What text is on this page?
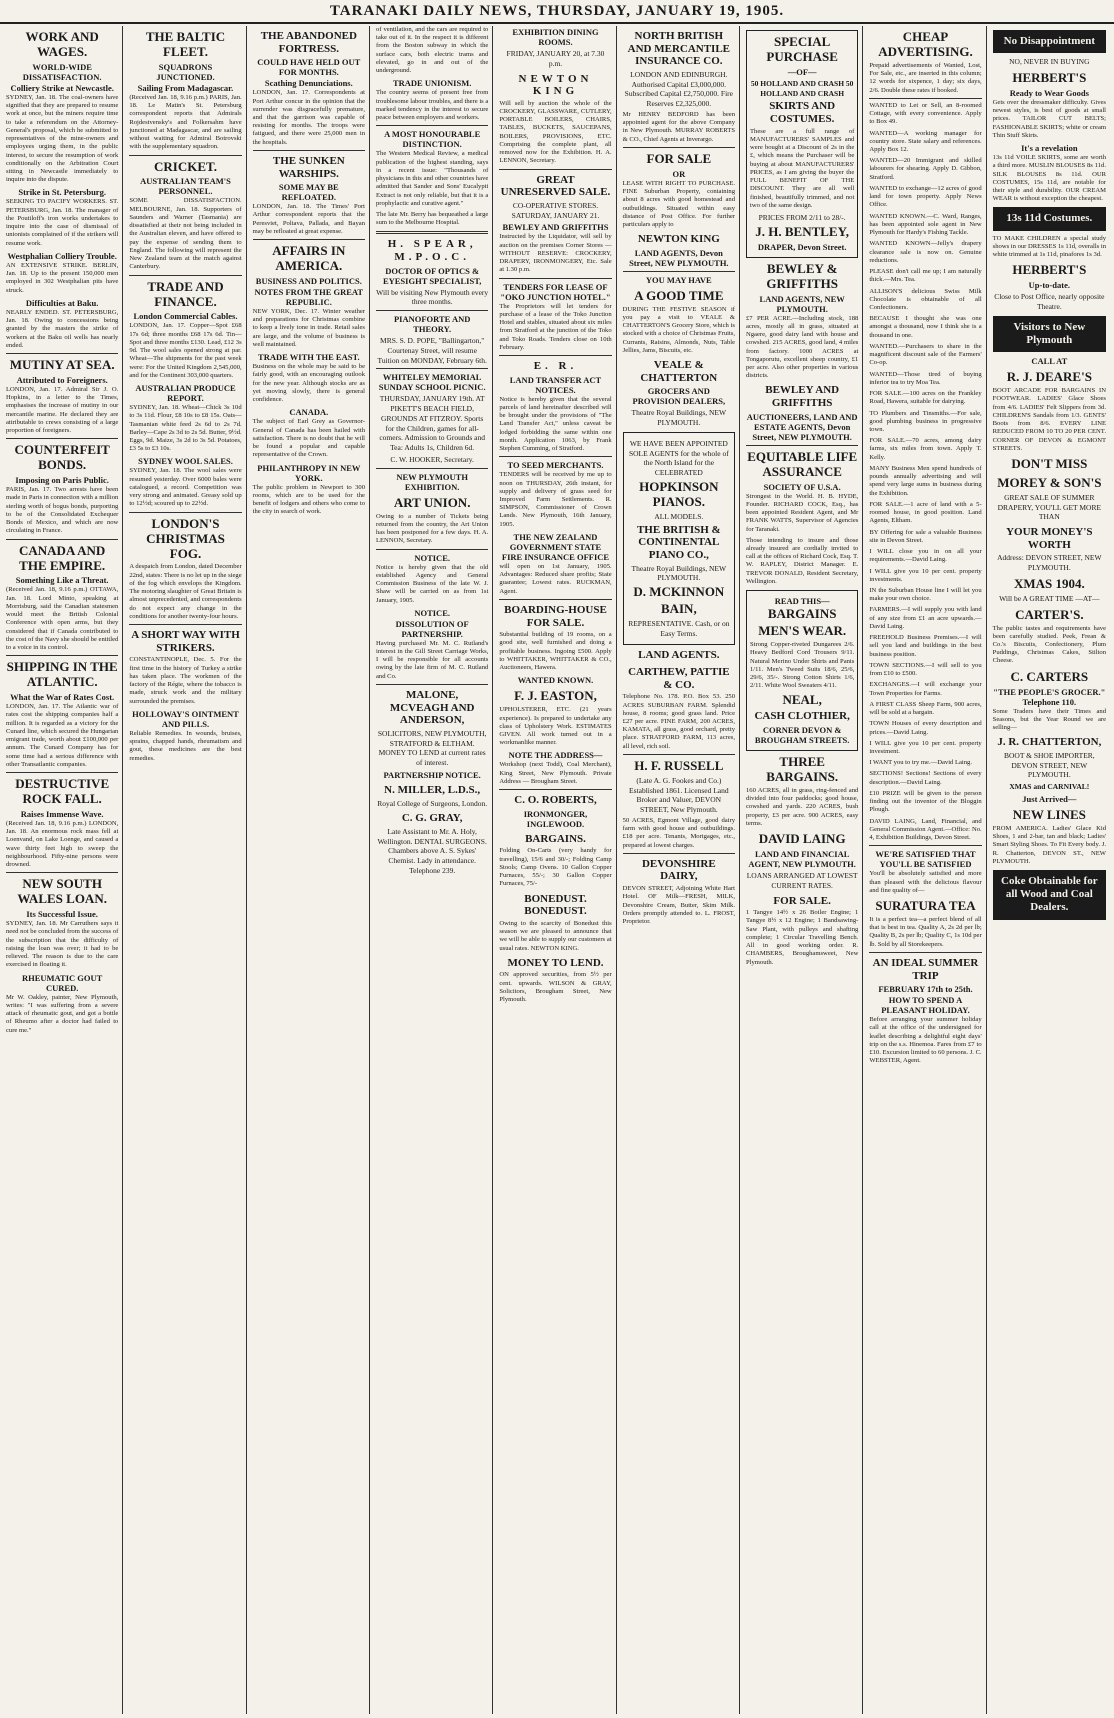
TARANAKI DAILY NEWS, THURSDAY, JANUARY 19, 1905.
WORK AND WAGES.
WORLD-WIDE DISSATISFACTION.
Colliery Strike at Newcastle.

SYDNEY, Jan. 18. The coal-owners have signified that they are prepared to resume work at once, but the miners require time to take a referendum on the Attorney-General's proposal, which he submitted to representatives of the mine-owners and employees urging them, in the public interest, to secure the resumption of work conditionally on the Arbitration Court sitting in Newcastle immediately to inquire into the dispute.

Strike in St. Petersburg.

SEEKING TO PACIFY WORKERS. ST. PETERSBURG, Jan. 18. The manager of the Poutiloff's iron works undertakes to inquire into the case of dismissal of unionists complained of if the strikers will resume work.

Westphalian Colliery Trouble.

AN EXTENSIVE STRIKE. BERLIN, Jan. 18. Up to the present 150,000 men employed in 302 Westphalian pits have struck.

Difficulties at Baku.

NEARLY ENDED. ST. PETERSBURG, Jan. 18. Owing to concessions being granted by the masters the strike of workers at the Baku oil wells has nearly ended.

MUTINY AT SEA.
Attributed to Foreigners.

LONDON, Jan. 17. Admiral Sir J. O. Hopkins, in a letter to the Times, emphasises the increase of mutiny in our mercantile marine. He declared they are attributable to crews consisting of a large proportion of foreigners.

COUNTERFEIT BONDS.
Imposing on Paris Public.

PARIS, Jan. 17. Two arrests have been made in Paris in connection with a million sterling worth of bogus bonds, purporting to be of the Consolidated Exchequer Bonds of Mexico, and which are now circulating in France.

CANADA AND THE EMPIRE.
Something Like a Threat.

(Received Jan. 18, 9.16 p.m.) OTTAWA, Jan. 18. Lord Minto, speaking at Morrisburg, said the Canadian statesmen would meet the British Colonial Conference with open arms, but they considered that if Canada contributed to the cost of the Navy she should be entitled to a voice in its control.

SHIPPING IN THE ATLANTIC.
What the War of Rates Cost.

LONDON, Jan. 17. The Atlantic war of rates cost the shipping companies half a million. It is regarded as a victory for the Cunard line, which secured the Hungarian emigrant trade, worth about £100,000 per annum. The Cunard Company has for some time had a serious difference with other Transatlantic companies.

DESTRUCTIVE ROCK FALL.
Raises Immense Wave.

(Received Jan. 18, 9.16 p.m.) LONDON, Jan. 18. An enormous rock mass fell at Loenvand, on Lake Loenge, and caused a wave thirty feet high to sweep the neighbourhood. Fifty-nine persons were drowned.

NEW SOUTH WALES LOAN.
Its Successful Issue.

SYDNEY, Jan. 18. Mr Carruthers says it need not be concluded from the success of the subscription that the difficulty of raising the loan was over; it had to be relieved. The reason is due to the care exercised in floating it.

RHEUMATIC GOUT CURED.

Mr W. Oakley, painter, New Plymouth, writes: "I was suffering from a severe attack of rheumatic gout, and got a bottle of Rheumo after a doctor had failed to cure me."

THE BALTIC FLEET.
SQUADRONS JUNCTIONED.
Sailing From Madagascar.

(Received Jan. 18, 9.16 p.m.) PARIS, Jan. 18. Le Matin's St. Petersburg correspondent reports that Admirals Rojdestvensky's and Folkersahm have junctioned at Madagascar, and are sailing without waiting for Admiral Botrovski with the supplementary squadron.

CRICKET.
AUSTRALIAN TEAM'S PERSONNEL.

SOME DISSATISFACTION. MELBOURNE, Jan. 18. Supporters of Saunders and Warner (Tasmania) are dissatisfied at their not being included in the Australian eleven, and have offered to pay the expense of sending them to England. The following will represent the New Zealand team at the match against Canterbury.

TRADE AND FINANCE.
London Commercial Cables.

LONDON, Jan. 17. Copper—Spot £68 17s 6d; three months £68 17s 6d. Tin—Spot and three months £130. Lead, £12 3s 9d. The wool sales opened strong at par. Wheat—The shipments for the past week were: For the United Kingdom 2,545,000, and for the Continent 303,000 quarters.

AUSTRALIAN PRODUCE REPORT.

SYDNEY, Jan. 18. Wheat—Chick 3s 10d to 3s 11d. Flour, £8 10s to £8 15s. Oats—Tasmanian white feed 2s 6d to 2s 7d. Barley—Cape 2s 3d to 2s 5d. Butter, 9½d. Eggs, 9d. Maize, 3s 2d to 3s 5d. Potatoes, £3 5s to £3 10s.

SYDNEY WOOL SALES.

SYDNEY, Jan. 18. The wool sales were resumed yesterday. Over 6000 bales were catalogued, a record. Competition was very strong and animated. Greasy sold up to 12½d; scoured up to 22½d.

LONDON'S CHRISTMAS FOG.

A despatch from London, dated December 22nd, states: There is no let up in the siege of the fog which envelops the Kingdom. The motoring slaughter of Great Britain is almost unprecedented, and correspondents do not expect any change in the conditions for another twenty-four hours.

A SHORT WAY WITH STRIKERS.

CONSTANTINOPLE, Dec. 5. For the first time in the history of Turkey a strike has taken place. The workmen of the factory of the Régie, where the tobacco is made, struck work and the military surrounded the premises.

HOLLOWAY'S OINTMENT AND PILLS.

Reliable Remedies. In wounds, bruises, sprains, chapped hands, rheumatism and gout, these medicines are the best remedies.

THE ABANDONED FORTRESS.
COULD HAVE HELD OUT FOR MONTHS.
Scathing Denunciations.

LONDON, Jan. 17. Correspondents at Port Arthur concur in the opinion that the surrender was disgracefully premature, and that the garrison was capable of resisting for months. The troops were fatigued, and there were 25,000 men in the hospitals.

THE SUNKEN WARSHIPS.
SOME MAY BE REFLOATED.

LONDON, Jan. 18. The Times' Port Arthur correspondent reports that the Peresviet, Poltava, Pallada, and Bayan may be refloated at great expense.

AFFAIRS IN AMERICA.
BUSINESS AND POLITICS.
NOTES FROM THE GREAT REPUBLIC.

NEW YORK, Dec. 17. Winter weather and preparations for Christmas combine to keep a lively tone in trade. Retail sales are large, and the volume of business is well maintained.

TRADE WITH THE EAST.

Business on the whole may be said to be fairly good, with an encouraging outlook for the new year. Although stocks are as yet moving slowly, there is general confidence.

CANADA.

The subject of Earl Grey as Governor-General of Canada has been hailed with satisfaction. There is no doubt that he will be found a popular and capable representative of the Crown.

PHILANTHROPY IN NEW YORK.

The public problem in Newport to 300 rooms, which are to be used for the benefit of lodgers and others who come to the city in search of work.

of ventilation, and the cars are required to take out of it. In the respect it is different from the Boston subway in which the surface cars, both electric trams and elevated, go in and out of the underground.

TRADE UNIONISM.

The country seems of present free from troublesome labour troubles, and there is a marked tendency in the interest to secure peace between employers and workers.

A MOST HONOURABLE DISTINCTION.

The Western Medical Review, a medical publication of the highest standing, says in a recent issue: "Thousands of physicians in this and other countries have admitted that Sander and Sons' Eucalypti Extract is not only reliable, but that it is a prophylactic and curative agent."

The late Mr. Berry has bequeathed a large sum to the Melbourne Hospital.

H. SPEAR, M.P.O.C.
DOCTOR OF OPTICS & EYESIGHT SPECIALIST,

Will be visiting New Plymouth every three months.

PIANOFORTE AND THEORY.

MRS. S. D. POPE, "Ballingarton," Courtenay Street, will resume Tuition on MONDAY, February 6th.

WHITELEY MEMORIAL SUNDAY SCHOOL PICNIC.

THURSDAY, JANUARY 19th. AT PIKETT'S BEACH FIELD, GROUNDS AT FITZROY. Sports for the Children, games for all-comers. Admission to Grounds and Tea: Adults 1s, Children 6d.

C. W. HOOKER, Secretary.

NEW PLYMOUTH EXHIBITION.
ART UNION.

Owing to a number of Tickets being returned from the country, the Art Union has been postponed for a few days. H. A. LENNON, Secretary.

NOTICE.

Notice is hereby given that the old established Agency and General Commission Business of the late W. J. Shaw will be carried on as from 1st January, 1905.

NOTICE.
DISSOLUTION OF PARTNERSHIP.

Having purchased Mr. M. C. Rutland's interest in the Gill Street Carriage Works, I will be responsible for all accounts owing by the late firm of M. C. Rutland and Co.

MALONE, MCVEAGH AND ANDERSON,

SOLICITORS, NEW PLYMOUTH, STRATFORD & ELTHAM. MONEY TO LEND at current rates of interest.

PARTNERSHIP NOTICE.
N. MILLER, L.D.S.,

Royal College of Surgeons, London.

C. G. GRAY,

Late Assistant to Mr. A. Holy, Wellington. DENTAL SURGEONS. Chambers above A. S. Sykes' Chemist. Lady in attendance. Telephone 239.

EXHIBITION DINING ROOMS.

FRIDAY, JANUARY 20, at 7.30 p.m.

NEWTON KING

Will sell by auction the whole of the CROCKERY, GLASSWARE, CUTLERY, PORTABLE BOILERS, CHAIRS, TABLES, BUCKETS, SAUCEPANS, BOILERS, PROVISIONS, ETC. Comprising the complete plant, all removed now for the Exhibition. H. A. LENNON, Secretary.

GREAT UNRESERVED SALE.

CO-OPERATIVE STORES. SATURDAY, JANUARY 21.

BEWLEY AND GRIFFITHS

Instructed by the Liquidator, will sell by auction on the premises Corner Stores — WITHOUT RESERVE: CROCKERY, DRAPERY, IRONMONGERY, Etc. Sale at 1.30 p.m.

TENDERS FOR LEASE OF "OKO JUNCTION HOTEL."

The Proprietors will let tenders for purchase of a lease of the Toko Junction Hotel and stables, situated about six miles from Stratford at the junction of the Toko and Toko Roads. Tenders close on 10th February.

E. R.
LAND TRANSFER ACT NOTICES.

Notice is hereby given that the several parcels of land hereinafter described will be brought under the provisions of "The Land Transfer Act," unless caveat be lodged forbidding the same within one month. Application 1063, by Frank Stephen Cumming, of Stratford.

TO SEED MERCHANTS.

TENDERS will be received by me up to noon on THURSDAY, 26th instant, for supply and delivery of grass seed for Improved Farm Settlements. R. SIMPSON, Commissioner of Crown Lands. New Plymouth, 16th January, 1905.

THE NEW ZEALAND GOVERNMENT STATE FIRE INSURANCE OFFICE

will open on 1st January, 1905. Advantages: Reduced share profits; State guarantee; Lowest rates. RUCKMAN, Agent.

BOARDING-HOUSE FOR SALE.

Substantial building of 19 rooms, on a good site, well furnished and doing a profitable business. Ingoing £500. Apply to WHITTAKER, WHITTAKER & CO., Auctioneers, Hawera.

WANTED KNOWN.
F. J. EASTON,

UPHOLSTERER, ETC. (21 years experience). Is prepared to undertake any class of Upholstery Work. ESTIMATES GIVEN. All work turned out in a workmanlike manner.

NOTE THE ADDRESS—

Workshop (next Todd), Coal Merchant), King Street, New Plymouth. Private Address — Brougham Street.

C. O. ROBERTS,
IRONMONGER, INGLEWOOD.
BARGAINS.

Folding On-Carts (very handy for travelling), 15/6 and 30/-; Folding Camp Stools; Camp Ovens. 10 Gallon Copper Furnaces, 55/-; 30 Gallon Copper Furnaces, 75/-

BONEDUST. BONEDUST.

Owing to the scarcity of Bonedust this season we are pleased to announce that we will be able to supply our customers at usual rates. NEWTON KING.

MONEY TO LEND.

ON approved securities, from 5½ per cent. upwards. WILSON & GRAY, Solicitors, Brougham Street, New Plymouth.

NORTH BRITISH AND MERCANTILE INSURANCE CO.

LONDON AND EDINBURGH. Authorised Capital £3,000,000. Subscribed Capital £2,750,000. Fire Reserves £2,325,000.

Mr HENRY BEDFORD has been appointed agent for the above Company in New Plymouth. MURRAY ROBERTS & CO., Chief Agents at Inverargo.

FOR SALE
OR

LEASE WITH RIGHT TO PURCHASE. FINE Suburban Property, containing about 8 acres with good homestead and outbuildings. Situated within easy distance of Post Office. For further particulars apply to

NEWTON KING
LAND AGENTS, Devon Street, NEW PLYMOUTH.
YOU MAY HAVE
A GOOD TIME

DURING THE FESTIVE SEASON if you pay a visit to VEALE & CHATTERTON'S Grocery Store, which is stocked with a choice of Christmas Fruits, Currants, Raisins, Almonds, Nuts, Table Jellies, Jams, Biscuits, etc.

VEALE & CHATTERTON
GROCERS AND PROVISION DEALERS,

Theatre Royal Buildings, NEW PLYMOUTH.

WE HAVE BEEN APPOINTED SOLE AGENTS for the whole of the North Island for the CELEBRATED

HOPKINSON PIANOS.

ALL MODELS.

THE BRITISH & CONTINENTAL PIANO CO.,

Theatre Royal Buildings, NEW PLYMOUTH.

D. MCKINNON
BAIN,

REPRESENTATIVE. Cash, or on Easy Terms.

LAND AGENTS.
CARTHEW, PATTIE & CO.

Telephone No. 178. P.O. Box 53. 250 ACRES SUBURBAN FARM. Splendid house, 8 rooms; good grass land. Price £27 per acre. FINE FARM, 200 ACRES, KAMATA, all grass, good orchard, pretty place. STRATFORD FARM, 113 acres, all level, rich soil.

H. F. RUSSELL

(Late A. G. Fookes and Co.) Established 1861. Licensed Land Broker and Valuer, DEVON STREET, New Plymouth.

50 ACRES, Egmont Village, good dairy farm with good house and outbuildings. £18 per acre. Tenants, Mortgages, etc., prepared at lowest charges.

DEVONSHIRE DAIRY,

DEVON STREET, Adjoining White Hart Hotel. OF Milk—FRESH, MILK, Devonshire Cream, Butter, Skim Milk. Orders promptly attended to. L. FROST, Proprietor.

SPECIAL PURCHASE
—OF—

50 HOLLAND AND CRASH 50 HOLLAND AND CRASH

SKIRTS AND COSTUMES.

These are a full range of MANUFACTURERS' SAMPLES and were bought at a Discount of 2s in the £, which means the Purchaser will be buying at about MANUFACTURERS' PRICES, as I am giving the buyer the FULL BENEFIT OF THE DISCOUNT. They are all well finished, beautifully trimmed, and not two of the same design.

PRICES FROM 2/11 to 28/-.

J. H. BENTLEY,
DRAPER, Devon Street.
BEWLEY & GRIFFITHS
LAND AGENTS, NEW PLYMOUTH.

£7 PER ACRE.—Including stock, 188 acres, mostly all in grass, situated at Ngaere, good dairy land with house and cowshed. 215 ACRES, good land, 4 miles from factory. 1000 ACRES at Tongaporutu, excellent sheep country, £1 per acre. Also other properties in various districts.

BEWLEY AND GRIFFITHS
AUCTIONEERS, LAND AND ESTATE AGENTS, Devon Street, NEW PLYMOUTH.
EQUITABLE LIFE ASSURANCE
SOCIETY OF U.S.A.

Strongest in the World. H. B. HYDE, Founder. RICHARD COCK, Esq., has been appointed Resident Agent, and Mr FRANK WATTS, Supervisor of Agencies for Taranaki.

Those intending to insure and those already insured are cordially invited to call at the offices of Richard Cock, Esq. T. W. RAPLEY, District Manager. E. TREVOR DONALD, Resident Secretary, Wellington.

READ THIS—
BARGAINS
MEN'S WEAR.

Strong Copper-riveted Dungarees 2/6. Heavy Bedford Cord Trousers 9/11. Natural Merino Under Shirts and Pants 1/11. Men's Tweed Suits 18/6, 25/6, 29/6, 35/-. Strong Cotton Shirts 1/6, 2/11. White Wool Sweaters 4/11.

NEAL,
CASH CLOTHIER,
CORNER DEVON & BROUGHAM STREETS.
THREE BARGAINS.

160 ACRES, all in grass, ring-fenced and divided into four paddocks; good house, cowshed and yards. 220 ACRES, bush property, £3 per acre. 900 ACRES, easy terms.

DAVID LAING
LAND AND FINANCIAL AGENT, NEW PLYMOUTH.

LOANS ARRANGED AT LOWEST CURRENT RATES.

FOR SALE.

1 Tangye 14½ x 26 Boiler Engine; 1 Tangye 8½ x 12 Engine; 1 Bandsawing-Saw Plant, with pulleys and shafting complete; 1 Circular Travelling Bench. All in good working order. R. CHAMBERS, Broughamsweet, New Plymouth.

CHEAP ADVERTISING.

Prepaid advertisements of Wanted, Lost, For Sale, etc., are inserted in this column; 12 words for sixpence, 1 day; six days, 2/6. Double these rates if booked.

WANTED to Let or Sell, an 8-roomed Cottage, with every convenience. Apply to Box 49.

WANTED—A working manager for country store. State salary and references. Apply Box 12.

WANTED—20 Immigrant and skilled labourers for shearing. Apply D. Gibbon, Stratford.

WANTED to exchange—12 acres of good land for town property. Apply News Office.

WANTED KNOWN.—C. Ward, Ranges, has been appointed sole agent in New Plymouth for Hardy's Fishing Tackle.

WANTED KNOWN—Jelly's drapery clearance sale is now on. Genuine reductions.

PLEASE don't call me up; I am naturally thick.—Mrs. Tea.

ALLISON'S delicious Swiss Milk Chocolate is obtainable of all Confectioners.

BECAUSE I thought she was one amongst a thousand, now I think she is a thousand in one.

WANTED.—Purchasers to share in the magnificent discount sale of the Farmers' Co-op.

WANTED—Those tired of buying inferior tea to try Moa Tea.

FOR SALE.—100 acres on the Frankley Road, Hawera, suitable for dairying.

TO Plumbers and Tinsmiths.—For sale, good plumbing business in progressive town.

FOR SALE.—70 acres, among dairy farms, six miles from town. Apply T. Kelly.

MANY Business Men spend hundreds of pounds annually advertising and will spend very large sums in business during the Exhibition.

FOR SALE.—1 acre of land with a 5-roomed house, in good position. Land Agents, Eltham.

BY Offering for sale a valuable Business site in Devon Street.

I WILL close you in on all your requirements.—David Laing.

I WILL give you 10 per cent. property investments.

IN the Suburban House line I will let you make your own choice.

FARMERS.—I will supply you with land of any size from £1 an acre upwards.—David Laing.

FREEHOLD Business Premises.—I will sell you land and buildings in the best business position.

TOWN SECTIONS.—I will sell to you from £10 to £500.

EXCHANGES.—I will exchange your Town Properties for Farms.

A FIRST CLASS Sheep Farm, 900 acres, will be sold at a bargain.

TOWN Houses of every description and prices.—David Laing.

I WILL give you 10 per cent. property investment.

I WANT you to try me.—David Laing.

SECTIONS! Sections! Sections of every description.—David Laing.

£10 PRIZE will be given to the person finding out the inventor of the Bloggin Plough.

DAVID LAING, Land, Financial, and General Commission Agent.—Office: No. 4, Exhibition Buildings, Devon Street.

WE'RE SATISFIED THAT YOU'LL BE SATISFIED

You'll be absolutely satisfied and more than pleased with the delicious flavour and fine quality of—

SURATURA TEA

It is a perfect tea—a perfect blend of all that is best in tea. Quality A, 2s 2d per lb; Quality B, 2s per lb; Quality C, 1s 10d per lb. Sold by all Storekeepers.

AN IDEAL SUMMER TRIP
FEBRUARY 17th to 25th.
HOW TO SPEND A PLEASANT HOLIDAY.

Before arranging your summer holiday call at the office of the undersigned for leaflet describing a delightful eight days' trip on the s.s. Hinemoa. Fares from £7 to £10. Excursion limited to 60 persons. J. C. WEBSTER, Agent.

No Disappointment

NO, NEVER IN BUYING

HERBERT'S
Ready to Wear Goods

Gets over the dressmaker difficulty. Gives newest styles, is best of goods at small prices. TAILOR CUT BELTS; FASHIONABLE SKIRTS; white or cream Thin Stuff Skirts.

It's a revelation

13s 11d VOILE SKIRTS, some are worth a third more. MUSLIN BLOUSES 8s 11d. SILK BLOUSES 8s 11d. OUR COSTUMES, 15s 11d, are notable for their style and durability. OUR CREAM WEAR is without exception the cheapest.

13s 11d Costumes.

TO MAKE CHILDREN a special study shows in our DRESSES 1s 11d, overalls in white trimmed at 1s 11d, pinafores 1s 3d.

HERBERT'S
Up-to-date.

Close to Post Office, nearly opposite Theatre.

Visitors to New Plymouth
CALL AT
R. J. DEARE'S

BOOT ARCADE FOR BARGAINS IN FOOTWEAR. LADIES' Glace Shoes from 4/6. LADIES' Felt Slippers from 3d. CHILDREN'S Sandals from 1/3. GENTS' Boots from 8/6. EVERY LINE REDUCED FROM 10 TO 20 PER CENT. CORNER OF DEVON & EGMONT STREETS.

DON'T MISS
MOREY & SON'S

GREAT SALE OF SUMMER DRAPERY, YOU'LL GET MORE THAN

YOUR MONEY'S WORTH

Address: DEVON STREET, NEW PLYMOUTH.

XMAS 1904.

Will be A GREAT TIME —AT—

CARTER'S.

The public tastes and requirements have been carefully studied. Peek, Frean & Co.'s Biscuits, Confectionery, Plum Puddings, Christmas Cakes, Stilton Cheese.

C. CARTERS
"THE PEOPLE'S GROCER." Telephone 110.

Some Traders have their Times and Seasons, but the Year Round we are selling—

J. R. CHATTERTON,

BOOT & SHOE IMPORTER, DEVON STREET, NEW PLYMOUTH.

XMAS and CARNIVAL!

Just Arrived—
NEW LINES

FROM AMERICA. Ladies' Glace Kid Shoes, 1 and 2-bar, tan and black; Ladies' Smart Styling Shoes. To Fit Every body. J. R. Chatterton, DEVON ST., NEW PLYMOUTH.

Coke Obtainable for all Wood and Coal Dealers.
